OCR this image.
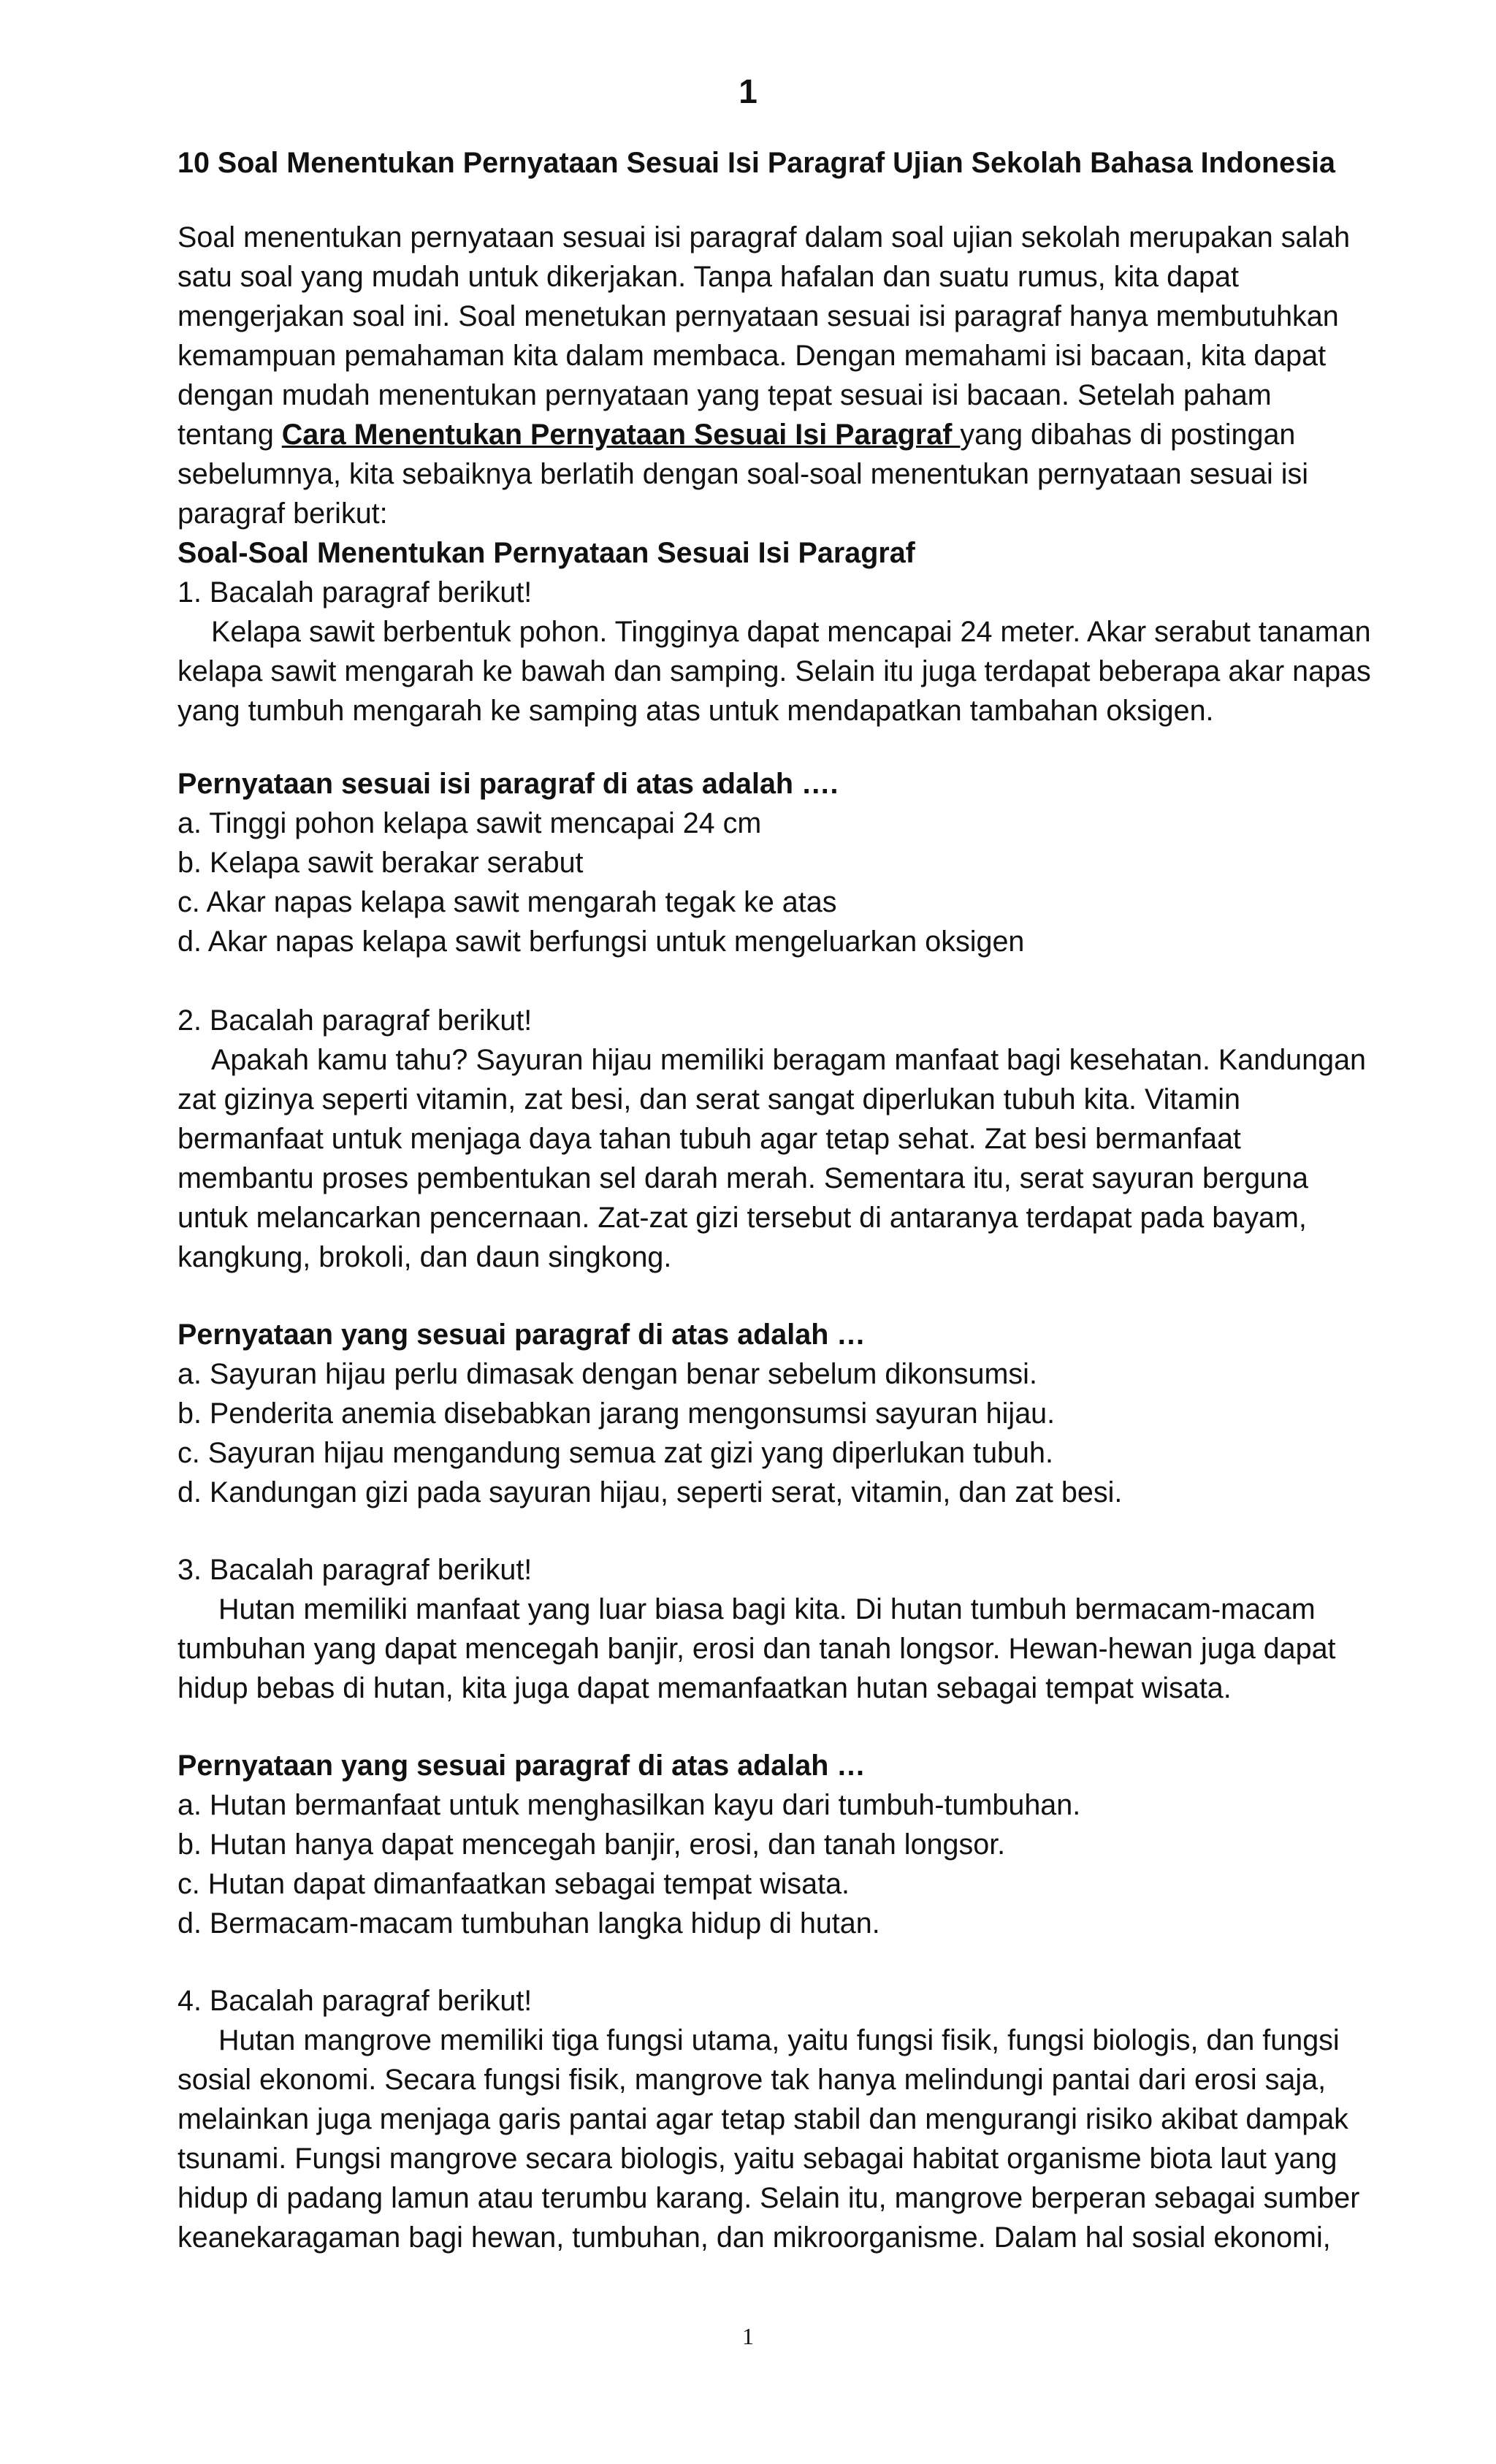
1
10 Soal Menentukan Pernyataan Sesuai Isi Paragraf Ujian Sekolah Bahasa Indonesia
Soal menentukan pernyataan sesuai isi paragraf dalam soal ujian sekolah merupakan salah
satu soal yang mudah untuk dikerjakan. Tanpa hafalan dan suatu rumus, kita dapat
mengerjakan soal ini. Soal menetukan pernyataan sesuai isi paragraf hanya membutuhkan
kemampuan pemahaman kita dalam membaca. Dengan memahami isi bacaan, kita dapat
dengan mudah menentukan pernyataan yang tepat sesuai isi bacaan. Setelah paham
tentang Cara Menentukan Pernyataan Sesuai Isi Paragraf yang dibahas di postingan
sebelumnya, kita sebaiknya berlatih dengan soal-soal menentukan pernyataan sesuai isi
paragraf berikut:
Soal-Soal Menentukan Pernyataan Sesuai Isi Paragraf
1. Bacalah paragraf berikut!
Kelapa sawit berbentuk pohon. Tingginya dapat mencapai 24 meter. Akar serabut tanaman
kelapa sawit mengarah ke bawah dan samping. Selain itu juga terdapat beberapa akar napas
yang tumbuh mengarah ke samping atas untuk mendapatkan tambahan oksigen.
Pernyataan sesuai isi paragraf di atas adalah ….
a. Tinggi pohon kelapa sawit mencapai 24 cm
b. Kelapa sawit berakar serabut
c. Akar napas kelapa sawit mengarah tegak ke atas
d. Akar napas kelapa sawit berfungsi untuk mengeluarkan oksigen
2. Bacalah paragraf berikut!
Apakah kamu tahu? Sayuran hijau memiliki beragam manfaat bagi kesehatan. Kandungan
zat gizinya seperti vitamin, zat besi, dan serat sangat diperlukan tubuh kita. Vitamin
bermanfaat untuk menjaga daya tahan tubuh agar tetap sehat. Zat besi bermanfaat
membantu proses pembentukan sel darah merah. Sementara itu, serat sayuran berguna
untuk melancarkan pencernaan. Zat-zat gizi tersebut di antaranya terdapat pada bayam,
kangkung, brokoli, dan daun singkong.
Pernyataan yang sesuai paragraf di atas adalah …
a. Sayuran hijau perlu dimasak dengan benar sebelum dikonsumsi.
b. Penderita anemia disebabkan jarang mengonsumsi sayuran hijau.
c. Sayuran hijau mengandung semua zat gizi yang diperlukan tubuh.
d. Kandungan gizi pada sayuran hijau, seperti serat, vitamin, dan zat besi.
3. Bacalah paragraf berikut!
Hutan memiliki manfaat yang luar biasa bagi kita. Di hutan tumbuh bermacam-macam
tumbuhan yang dapat mencegah banjir, erosi dan tanah longsor. Hewan-hewan juga dapat
hidup bebas di hutan, kita juga dapat memanfaatkan hutan sebagai tempat wisata.
Pernyataan yang sesuai paragraf di atas adalah …
a. Hutan bermanfaat untuk menghasilkan kayu dari tumbuh-tumbuhan.
b. Hutan hanya dapat mencegah banjir, erosi, dan tanah longsor.
c. Hutan dapat dimanfaatkan sebagai tempat wisata.
d. Bermacam-macam tumbuhan langka hidup di hutan.
4. Bacalah paragraf berikut!
Hutan mangrove memiliki tiga fungsi utama, yaitu fungsi fisik, fungsi biologis, dan fungsi
sosial ekonomi. Secara fungsi fisik, mangrove tak hanya melindungi pantai dari erosi saja,
melainkan juga menjaga garis pantai agar tetap stabil dan mengurangi risiko akibat dampak
tsunami. Fungsi mangrove secara biologis, yaitu sebagai habitat organisme biota laut yang
hidup di padang lamun atau terumbu karang. Selain itu, mangrove berperan sebagai sumber
keanekaragaman bagi hewan, tumbuhan, dan mikroorganisme. Dalam hal sosial ekonomi,
1
